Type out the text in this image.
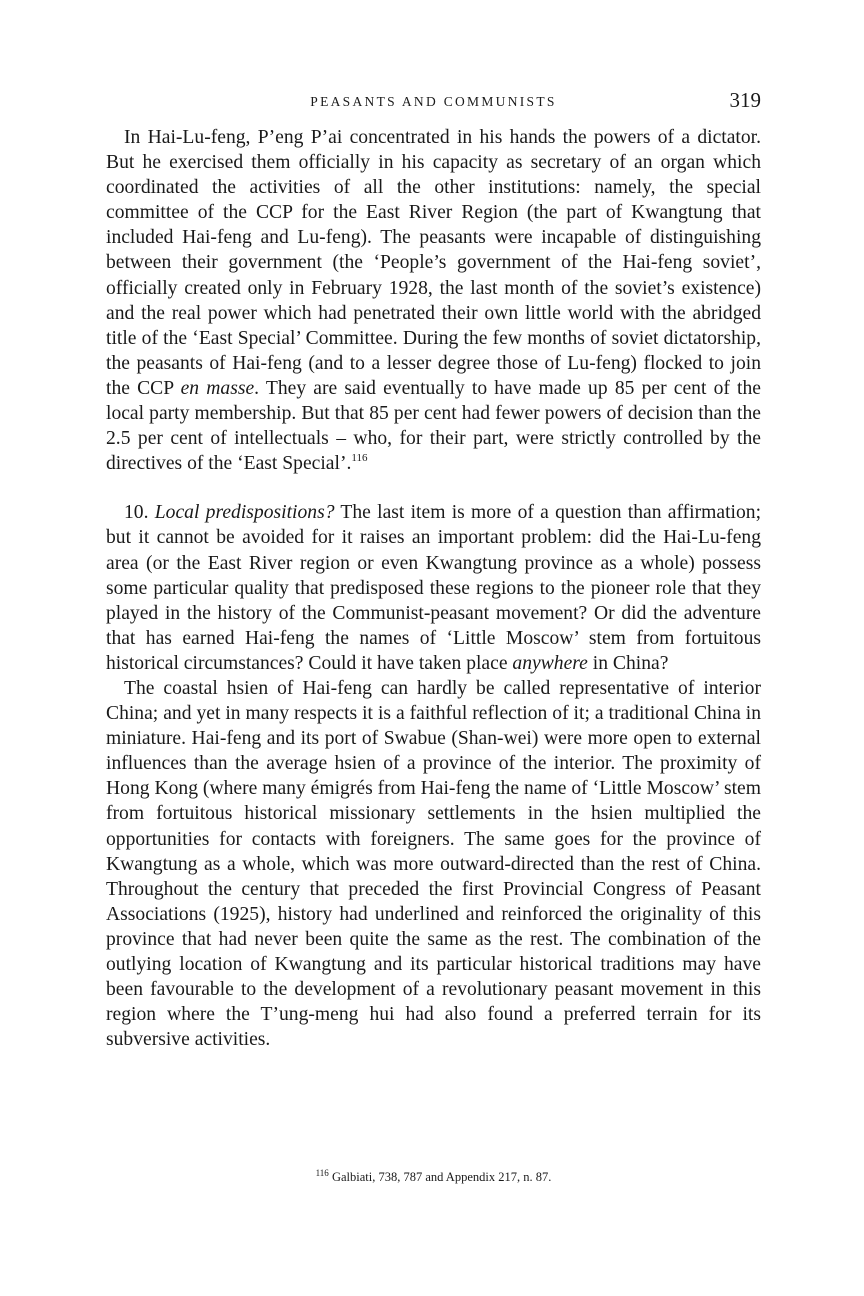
PEASANTS AND COMMUNISTS	319

In Hai-Lu-feng, P’eng P’ai concentrated in his hands the powers of a dictator. But he exercised them officially in his capacity as secretary of an organ which coordinated the activities of all the other institutions: namely, the special committee of the CCP for the East River Region (the part of Kwangtung that included Hai-feng and Lu-feng). The peasants were incapable of distinguishing between their government (the ‘People’s government of the Hai-feng soviet’, officially created only in February 1928, the last month of the soviet’s existence) and the real power which had penetrated their own little world with the abridged title of the ‘East Special’ Committee. During the few months of soviet dictatorship, the peasants of Hai-feng (and to a lesser degree those of Lu-feng) flocked to join the CCP en masse. They are said eventually to have made up 85 per cent of the local party membership. But that 85 per cent had fewer powers of decision than the 2.5 per cent of intellectuals – who, for their part, were strictly controlled by the directives of the ‘East Special’.$^{116}$

10. Local predispositions? The last item is more of a question than affirmation; but it cannot be avoided for it raises an important problem: did the Hai-Lu-feng area (or the East River region or even Kwangtung province as a whole) possess some particular quality that predisposed these regions to the pioneer role that they played in the history of the Communist-peasant movement? Or did the adventure that has earned Hai-feng the names of ‘Little Moscow’ stem from fortuitous historical circumstances? Could it have taken place anywhere in China?

The coastal hsien of Hai-feng can hardly be called representative of interior China; and yet in many respects it is a faithful reflection of it; a traditional China in miniature. Hai-feng and its port of Swabue (Shan-wei) were more open to external influences than the average hsien of a province of the interior. The proximity of Hong Kong (where many émigrés from Hai-feng the name of ‘Little Moscow’ stem from fortuitous historical missionary settlements in the hsien multiplied the opportunities for contacts with foreigners. The same goes for the province of Kwangtung as a whole, which was more outward-directed than the rest of China. Throughout the century that preceded the first Provincial Congress of Peasant Associations (1925), history had underlined and reinforced the originality of this province that had never been quite the same as the rest. The combination of the outlying location of Kwangtung and its particular historical traditions may have been favourable to the development of a revolutionary peasant movement in this region where the T’ung-meng hui had also found a preferred terrain for its subversive activities.

$^{116}$ Galbiati, 738, 787 and Appendix 217, n. 87.
